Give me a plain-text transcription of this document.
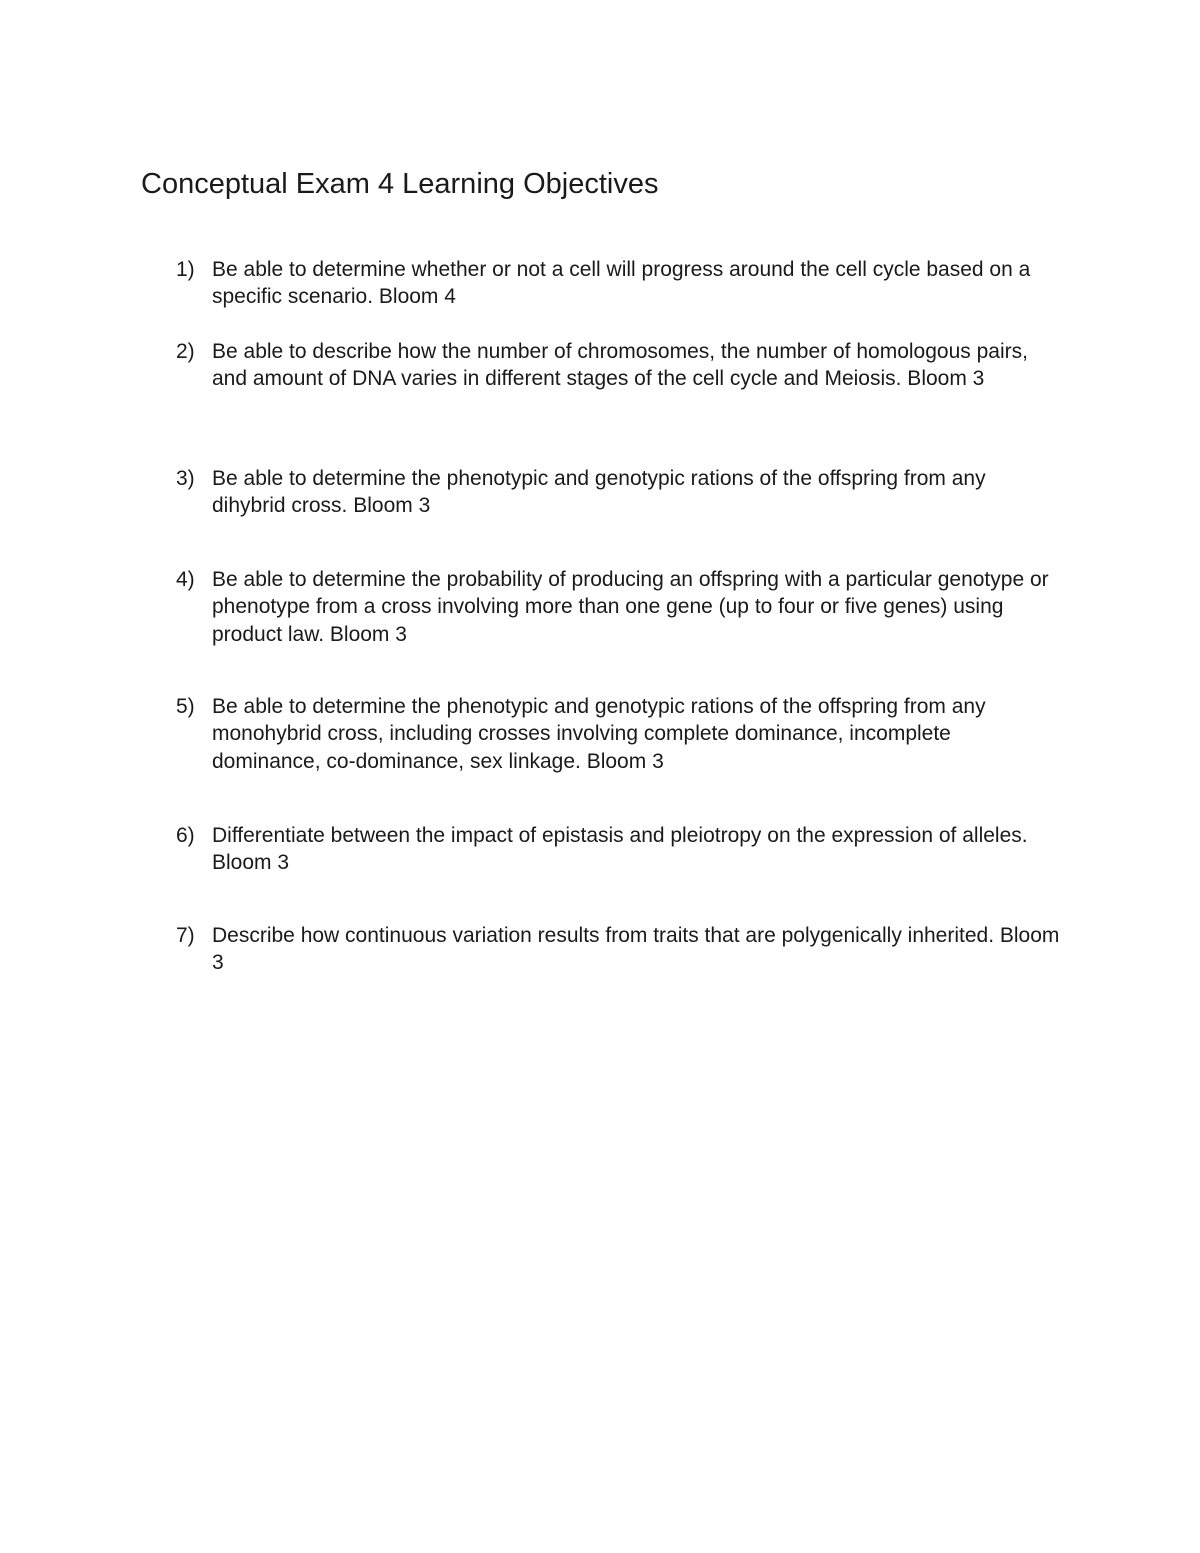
Conceptual Exam 4 Learning Objectives
1) Be able to determine whether or not a cell will progress around the cell cycle based on a specific scenario. Bloom 4
2) Be able to describe how the number of chromosomes, the number of homologous pairs, and amount of DNA varies in different stages of the cell cycle and Meiosis. Bloom 3
3) Be able to determine the phenotypic and genotypic rations of the offspring from any dihybrid cross. Bloom 3
4) Be able to determine the probability of producing an offspring with a particular genotype or phenotype from a cross involving more than one gene (up to four or five genes) using product law. Bloom 3
5) Be able to determine the phenotypic and genotypic rations of the offspring from any monohybrid cross, including crosses involving complete dominance, incomplete dominance, co-dominance, sex linkage. Bloom 3
6) Differentiate between the impact of epistasis and pleiotropy on the expression of alleles. Bloom 3
7) Describe how continuous variation results from traits that are polygenically inherited. Bloom 3
